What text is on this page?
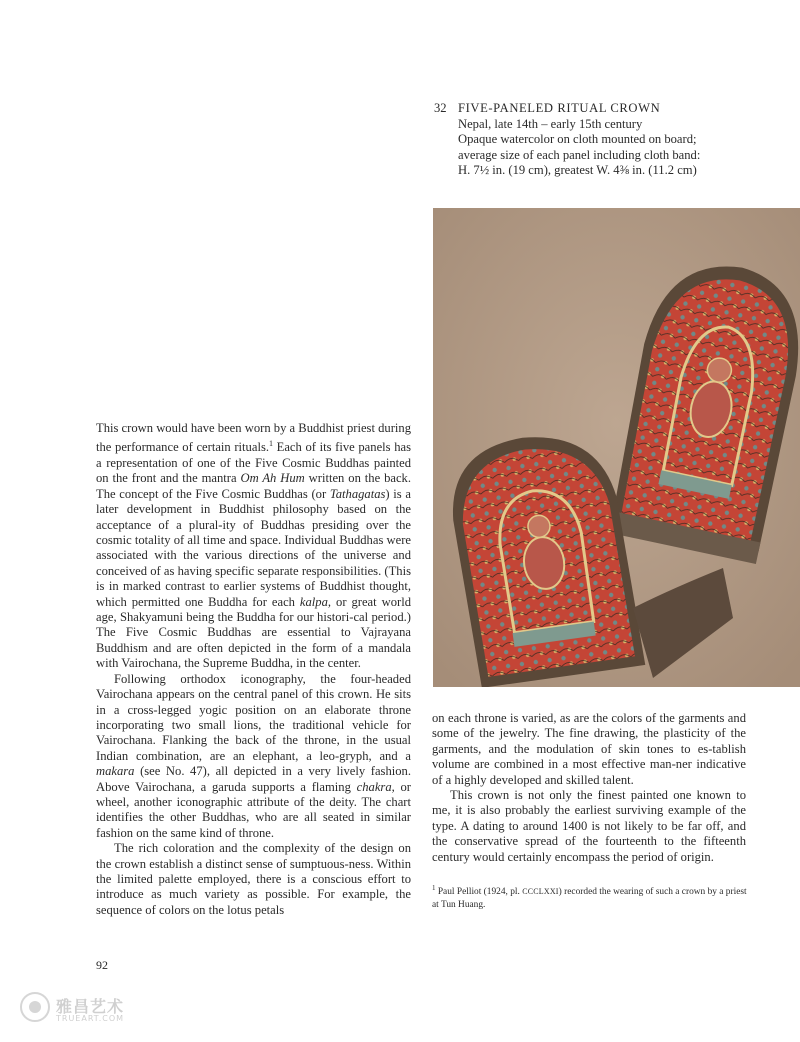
32 FIVE-PANELED RITUAL CROWN
Nepal, late 14th – early 15th century
Opaque watercolor on cloth mounted on board;
average size of each panel including cloth band:
H. 7½ in. (19 cm), greatest W. 4⅜ in. (11.2 cm)

This crown would have been worn by a Buddhist priest during the performance of certain rituals.$^1$ Each of its five panels has a representation of one of the Five Cosmic Buddhas painted on the front and the mantra Om Ah Hum written on the back. The concept of the Five Cosmic Buddhas (or Tathagatas) is a later development in Buddhist philosophy based on the acceptance of a plural-ity of Buddhas presiding over the cosmic totality of all time and space. Individual Buddhas were associated with the various directions of the universe and conceived of as having specific separate responsibilities. (This is in marked contrast to earlier systems of Buddhist thought, which permitted one Buddha for each kalpa, or great world age, Shakyamuni being the Buddha for our histori-cal period.) The Five Cosmic Buddhas are essential to Vajrayana Buddhism and are often depicted in the form of a mandala with Vairochana, the Supreme Buddha, in the center.

Following orthodox iconography, the four-headed Vairochana appears on the central panel of this crown. He sits in a cross-legged yogic position on an elaborate throne incorporating two small lions, the traditional vehicle for Vairochana. Flanking the back of the throne, in the usual Indian combination, are an elephant, a leo-gryph, and a makara (see No. 47), all depicted in a very lively fashion. Above Vairochana, a garuda supports a flaming chakra, or wheel, another iconographic attribute of the deity. The chart identifies the other Buddhas, who are all seated in similar fashion on the same kind of throne.

The rich coloration and the complexity of the design on the crown establish a distinct sense of sumptuous-ness. Within the limited palette employed, there is a conscious effort to introduce as much variety as possible. For example, the sequence of colors on the lotus petals

on each throne is varied, as are the colors of the garments and some of the jewelry. The fine drawing, the plasticity of the garments, and the modulation of skin tones to es-tablish volume are combined in a most effective man-ner indicative of a highly developed and skilled talent.

This crown is not only the finest painted one known to me, it is also probably the earliest surviving example of the type. A dating to around 1400 is not likely to be far off, and the conservative spread of the fourteenth to the fifteenth century would certainly encompass the period of origin.

$^1$ Paul Pelliot (1924, pl. CCCLXXI) recorded the wearing of such a crown by a priest at Tun Huang.
92
雅昌艺术
TRUEART.COM
